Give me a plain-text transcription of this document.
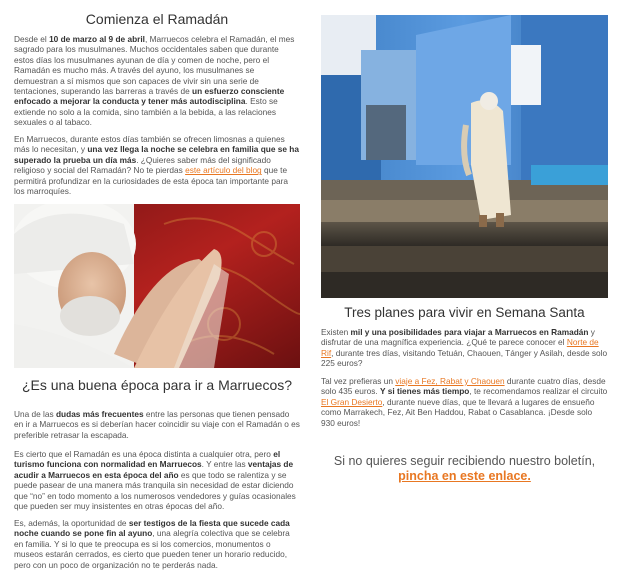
Comienza el Ramadán

Desde el 10 de marzo al 9 de abril, Marruecos celebra el Ramadán, el mes sagrado para los musulmanes. Muchos occidentales saben que durante estos días los musulmanes ayunan de día y comen de noche, pero el Ramadán es mucho más. A través del ayuno, los musulmanes se demuestran a sí mismos que son capaces de vivir sin una serie de tentaciones, superando las barreras a través de un esfuerzo consciente enfocado a mejorar la conducta y tener más autodisciplina. Esto se extiende no solo a la comida, sino también a la bebida, a las relaciones sexuales o al tabaco.

En Marruecos, durante estos días también se ofrecen limosnas a quienes más lo necesitan, y una vez llega la noche se celebra en familia que se ha superado la prueba un día más. ¿Quieres saber más del significado religioso y social del Ramadán? No te pierdas este artículo del blog que te permitirá profundizar en la curiosidades de esta época tan importante para los marroquíes.

¿Es una buena época para ir a Marruecos?

Una de las dudas más frecuentes entre las personas que tienen pensado en ir a Marruecos es si deberían hacer coincidir su viaje con el Ramadán o es preferible retrasar la escapada.

Es cierto que el Ramadán es una época distinta a cualquier otra, pero el turismo funciona con normalidad en Marruecos. Y entre las ventajas de acudir a Marruecos en esta época del año es que todo se ralentiza y se puede pasear de una manera más tranquila sin necesidad de estar diciendo que “no” en todo momento a los numerosos vendedores y guías ocasionales que pueden ser muy insistentes en otras épocas del año.

Es, además, la oportunidad de ser testigos de la fiesta que sucede cada noche cuando se pone fin al ayuno, una alegría colectiva que se celebra en familia. Y si lo que te preocupa es si los comercios, monumentos o museos estarán cerrados, es cierto que pueden tener un horario reducido, pero con un poco de organización no te perderás nada.

Tres planes para vivir en Semana Santa

Existen mil y una posibilidades para viajar a Marruecos en Ramadán y disfrutar de una magnífica experiencia. ¿Qué te parece conocer el Norte de Rif, durante tres días, visitando Tetuán, Chaouen, Tánger y Asilah, desde solo 225 euros?

Tal vez prefieras un viaje a Fez, Rabat y Chaouen durante cuatro días, desde solo 435 euros. Y si tienes más tiempo, te recomendamos realizar el circuito El Gran Desierto, durante nueve días, que te llevará a lugares de ensueño como Marrakech, Fez, Ait Ben Haddou, Rabat o Casablanca. ¡Desde solo 930 euros!

Si no quieres seguir recibiendo nuestro boletín,
pincha en este enlace.
